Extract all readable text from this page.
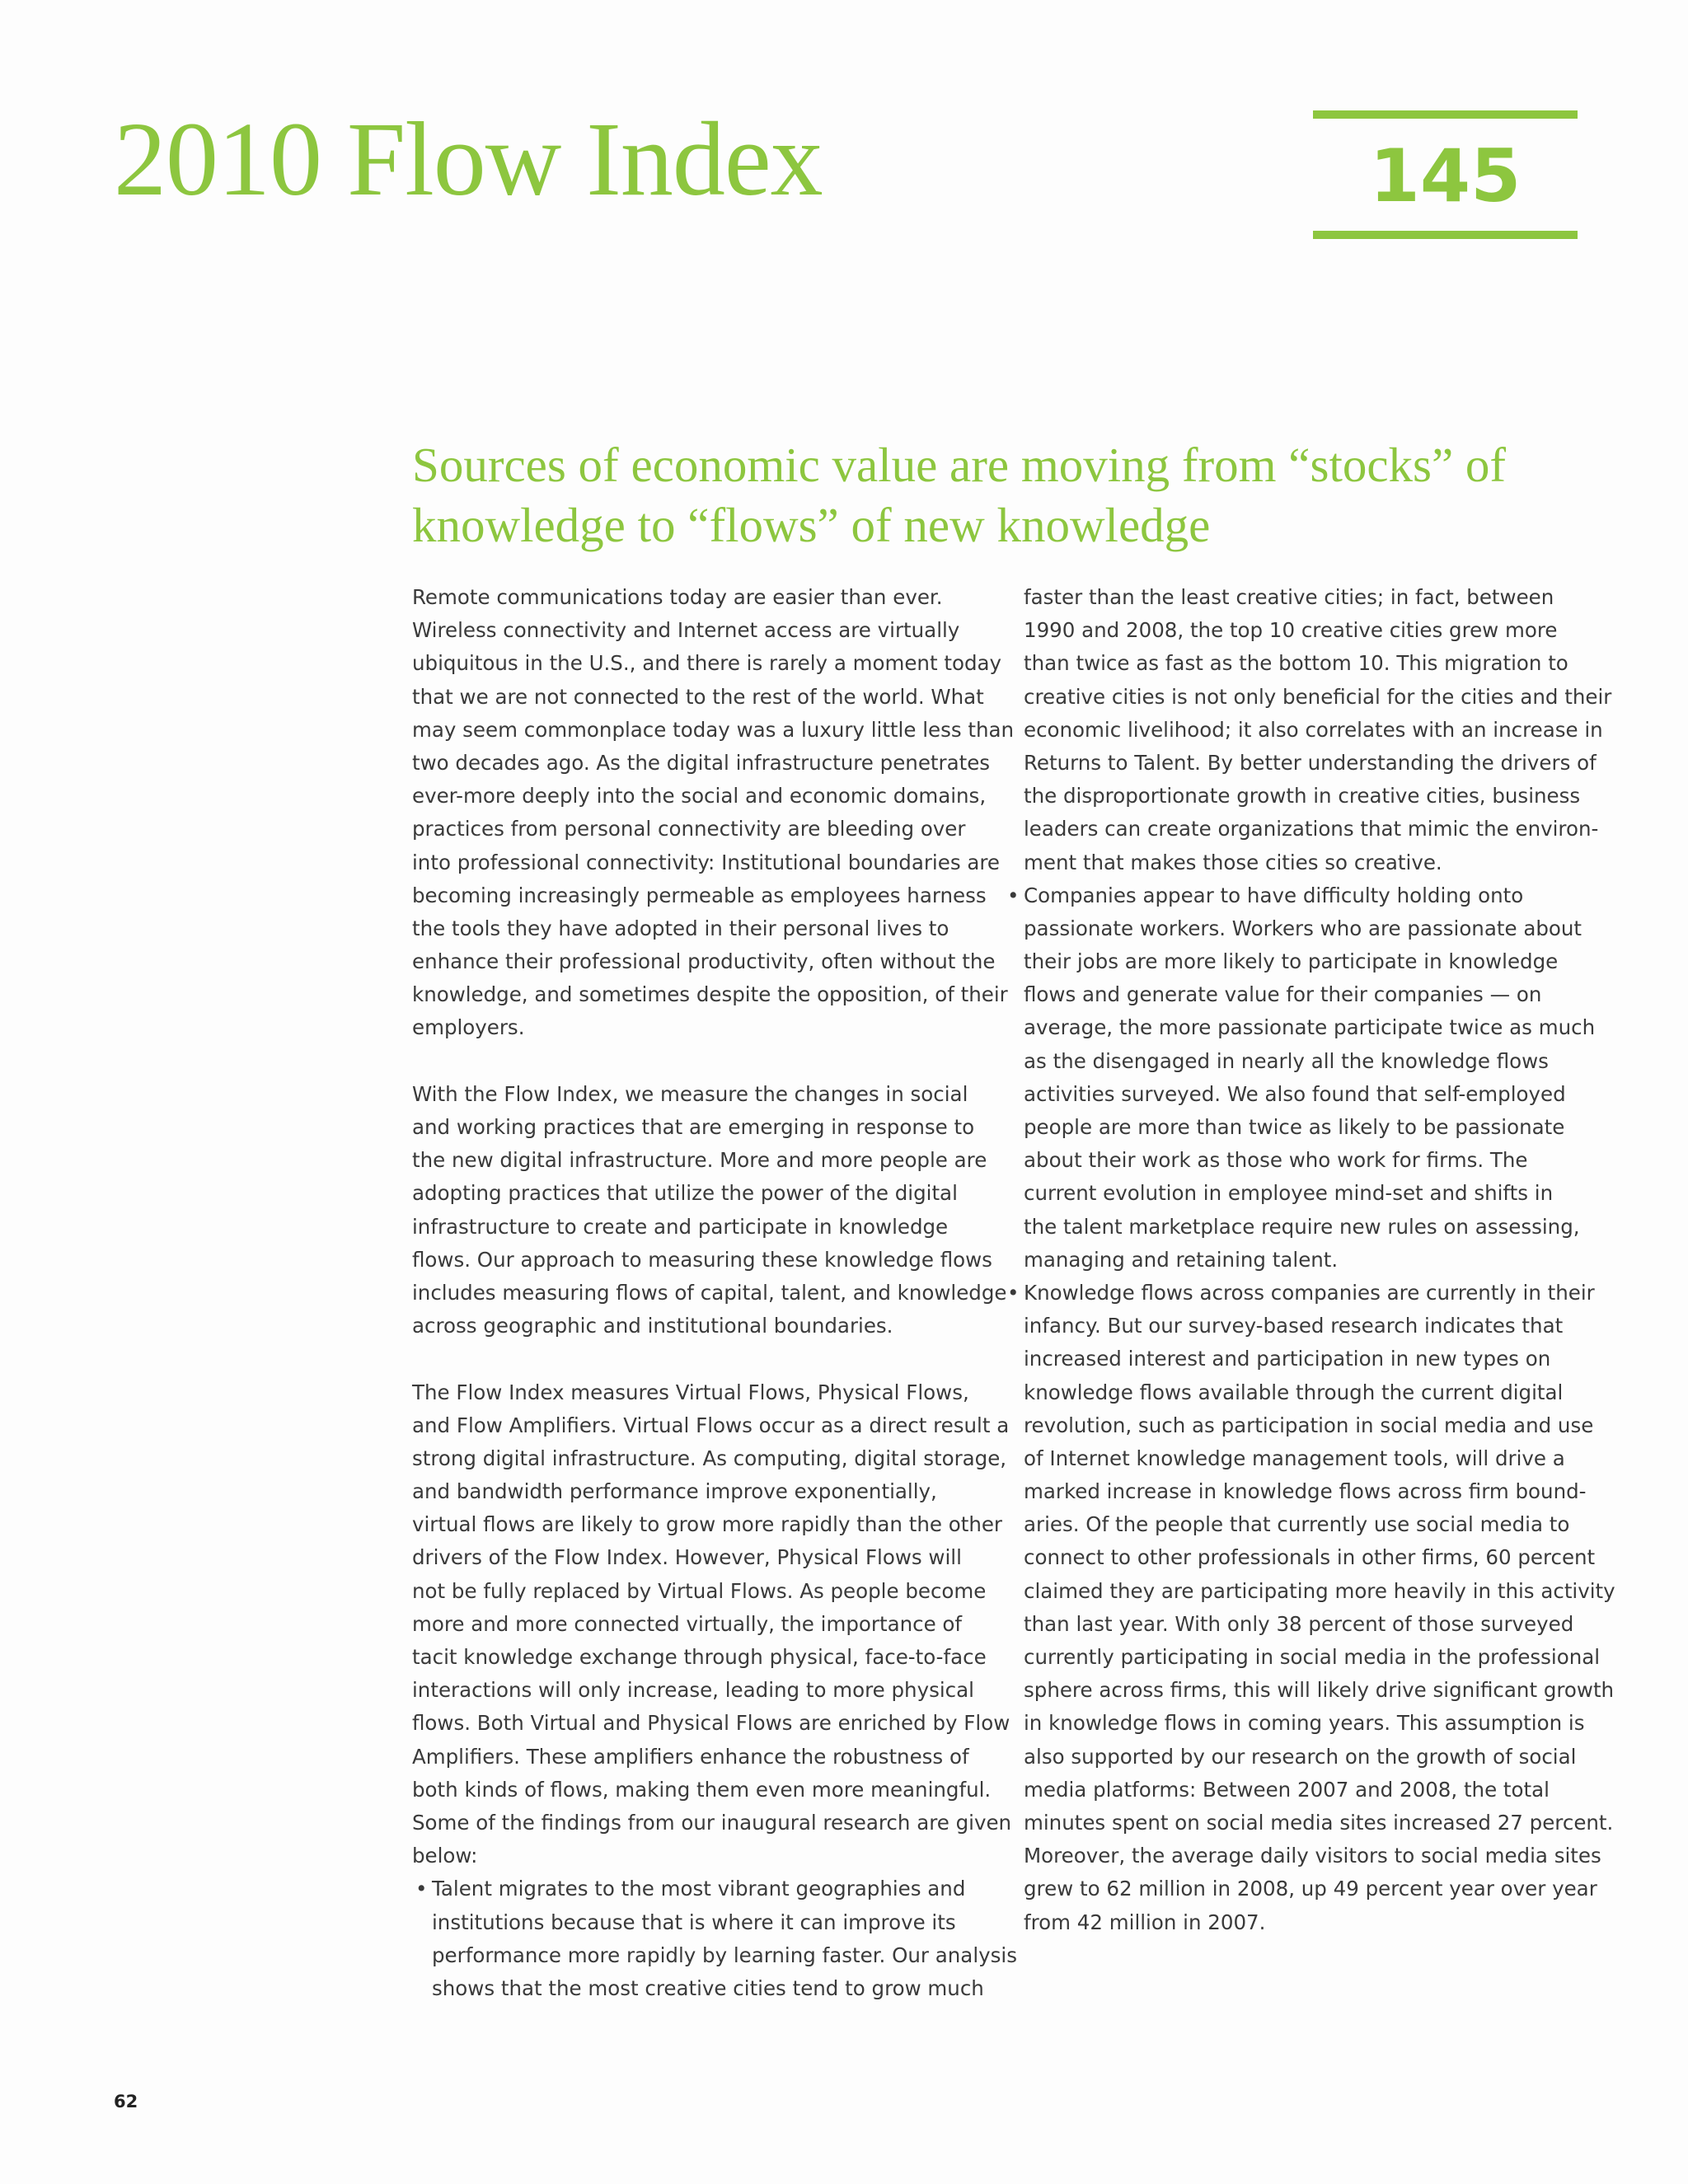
2010 Flow Index	145
Sources of economic value are moving from “stocks” of
knowledge to “flows” of new knowledge
Remote communications today are easier than ever.
Wireless connectivity and Internet access are virtually
ubiquitous in the U.S., and there is rarely a moment today
that we are not connected to the rest of the world. What
may seem commonplace today was a luxury little less than
two decades ago. As the digital infrastructure penetrates
ever-more deeply into the social and economic domains,
practices from personal connectivity are bleeding over
into professional connectivity: Institutional boundaries are
becoming increasingly permeable as employees harness
the tools they have adopted in their personal lives to
enhance their professional productivity, often without the
knowledge, and sometimes despite the opposition, of their
employers.
With the Flow Index, we measure the changes in social
and working practices that are emerging in response to
the new digital infrastructure. More and more people are
adopting practices that utilize the power of the digital
infrastructure to create and participate in knowledge
flows. Our approach to measuring these knowledge flows
includes measuring flows of capital, talent, and knowledge
across geographic and institutional boundaries.
The Flow Index measures Virtual Flows, Physical Flows,
and Flow Amplifiers. Virtual Flows occur as a direct result a
strong digital infrastructure. As computing, digital storage,
and bandwidth performance improve exponentially,
virtual flows are likely to grow more rapidly than the other
drivers of the Flow Index. However, Physical Flows will
not be fully replaced by Virtual Flows. As people become
more and more connected virtually, the importance of
tacit knowledge exchange through physical, face-to-face
interactions will only increase, leading to more physical
flows. Both Virtual and Physical Flows are enriched by Flow
Amplifiers. These amplifiers enhance the robustness of
both kinds of flows, making them even more meaningful.
Some of the findings from our inaugural research are given
below:
• Talent migrates to the most vibrant geographies and
institutions because that is where it can improve its
performance more rapidly by learning faster. Our analysis
shows that the most creative cities tend to grow much
faster than the least creative cities; in fact, between
1990 and 2008, the top 10 creative cities grew more
than twice as fast as the bottom 10. This migration to
creative cities is not only beneficial for the cities and their
economic livelihood; it also correlates with an increase in
Returns to Talent. By better understanding the drivers of
the disproportionate growth in creative cities, business
leaders can create organizations that mimic the environ-
ment that makes those cities so creative.
• Companies appear to have difficulty holding onto
passionate workers. Workers who are passionate about
their jobs are more likely to participate in knowledge
flows and generate value for their companies — on
average, the more passionate participate twice as much
as the disengaged in nearly all the knowledge flows
activities surveyed. We also found that self-employed
people are more than twice as likely to be passionate
about their work as those who work for firms. The
current evolution in employee mind-set and shifts in
the talent marketplace require new rules on assessing,
managing and retaining talent.
• Knowledge flows across companies are currently in their
infancy. But our survey-based research indicates that
increased interest and participation in new types on
knowledge flows available through the current digital
revolution, such as participation in social media and use
of Internet knowledge management tools, will drive a
marked increase in knowledge flows across firm bound-
aries. Of the people that currently use social media to
connect to other professionals in other firms, 60 percent
claimed they are participating more heavily in this activity
than last year. With only 38 percent of those surveyed
currently participating in social media in the professional
sphere across firms, this will likely drive significant growth
in knowledge flows in coming years. This assumption is
also supported by our research on the growth of social
media platforms: Between 2007 and 2008, the total
minutes spent on social media sites increased 27 percent.
Moreover, the average daily visitors to social media sites
grew to 62 million in 2008, up 49 percent year over year
from 42 million in 2007.
62
